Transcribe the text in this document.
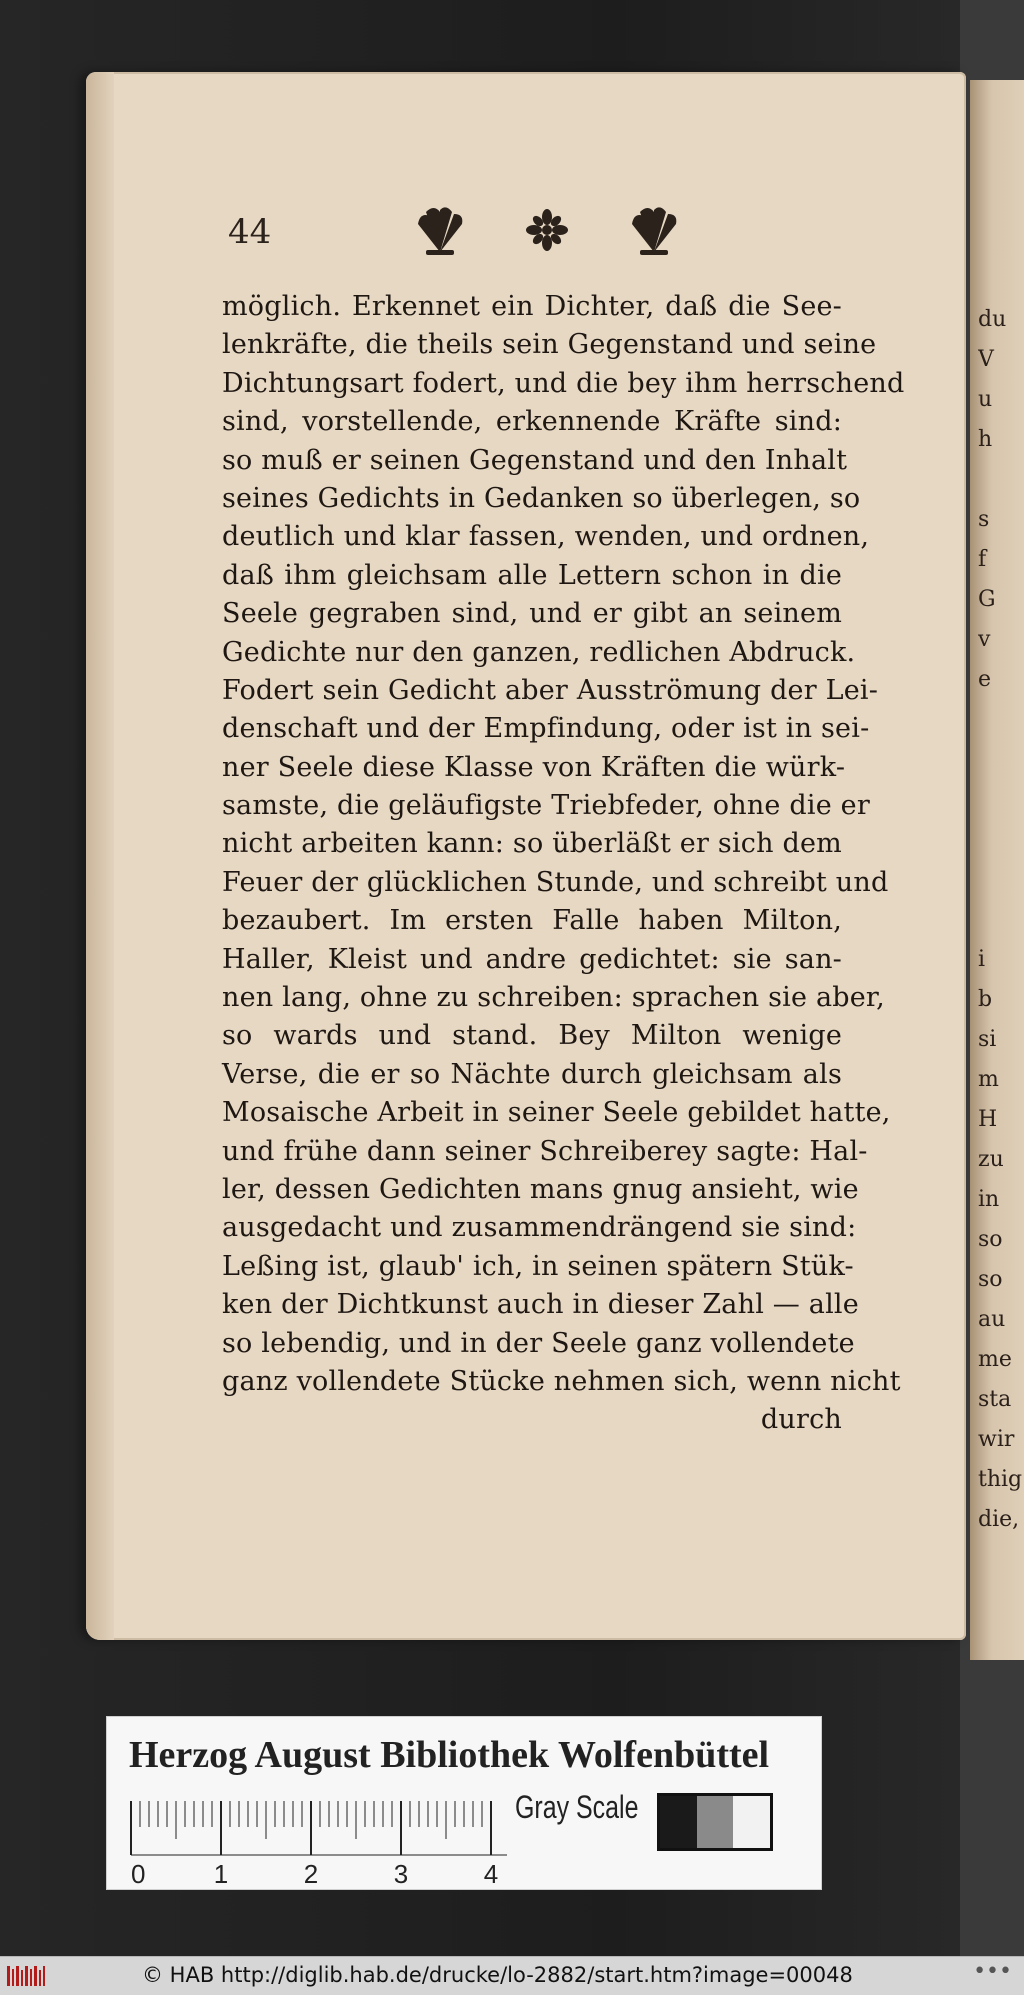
du
V
u
h

s
f
G
v
e

i
b
si
m
H
zu
in
so
so
au
me
sta
wir
thig
die,
44
möglich. Erkennet ein Dichter, daß die See-
lenkräfte, die theils sein Gegenstand und seine
Dichtungsart fodert, und die bey ihm herrschend
sind, vorstellende, erkennende Kräfte sind:
so muß er seinen Gegenstand und den Inhalt
seines Gedichts in Gedanken so überlegen, so
deutlich und klar fassen, wenden, und ordnen,
daß ihm gleichsam alle Lettern schon in die
Seele gegraben sind, und er gibt an seinem
Gedichte nur den ganzen, redlichen Abdruck.
Fodert sein Gedicht aber Ausströmung der Lei-
denschaft und der Empfindung, oder ist in sei-
ner Seele diese Klasse von Kräften die würk-
samste, die geläufigste Triebfeder, ohne die er
nicht arbeiten kann: so überläßt er sich dem
Feuer der glücklichen Stunde, und schreibt und
bezaubert. Im ersten Falle haben Milton,
Haller, Kleist und andre gedichtet: sie san-
nen lang, ohne zu schreiben: sprachen sie aber,
so wards und stand. Bey Milton wenige
Verse, die er so Nächte durch gleichsam als
Mosaische Arbeit in seiner Seele gebildet hatte,
und frühe dann seiner Schreiberey sagte: Hal-
ler, dessen Gedichten mans gnug ansieht, wie
ausgedacht und zusammendrängend sie sind:
Leßing ist, glaub' ich, in seinen spätern Stük-
ken der Dichtkunst auch in dieser Zahl — alle
so lebendig, und in der Seele ganz vollendete
ganz vollendete Stücke nehmen sich, wenn nicht
durch
Herzog August Bibliothek Wolfenbüttel
0	1	2	3	4
Gray Scale
© HAB http://diglib.hab.de/drucke/lo-2882/start.htm?image=00048	•••
